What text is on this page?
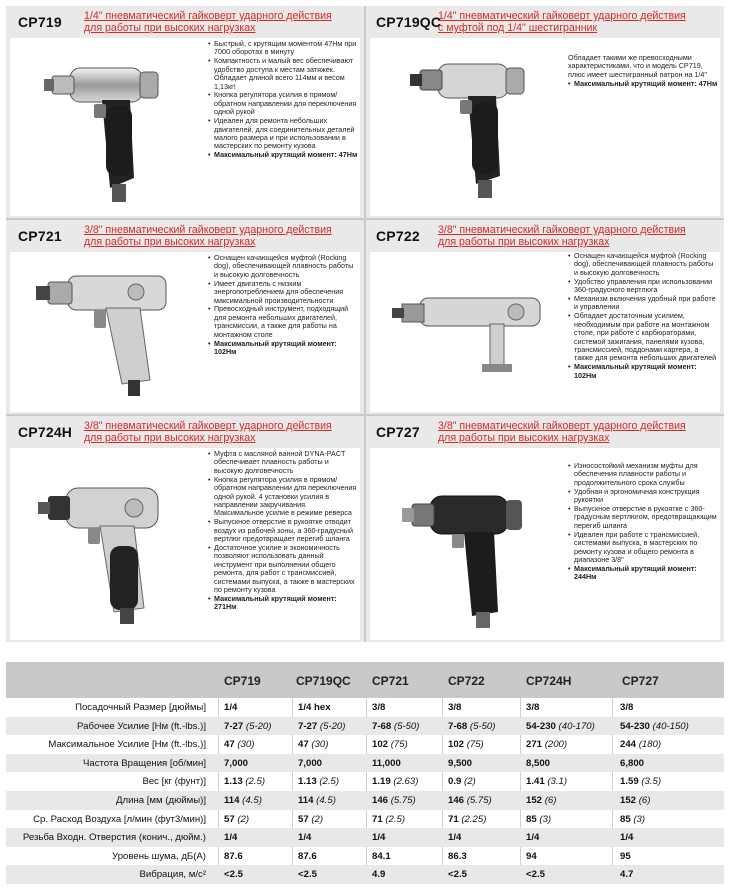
CP719	1/4" пневматический гайковерт ударного действия
для работы при высоких нагрузках
• Быстрый, с крутящим моментом 47Нм при 7000 оборотах в минуту
• Компактность и малый вес обеспечивают удобство доступа к местам затяжек. Обладает длиной всего 114мм и весом 1,13кг!
• Кнопка регулятора усилия в прямом/обратном направлении для переключения одной рукой
• Идеален для ремонта небольших двигателей, для соединительных деталей малого размера и при использовании в мастерских по ремонту кузова
• Максимальный крутящий момент: 47Нм
CP719QC
1/4" пневматический гайковерт ударного действия
с муфтой под 1/4" шестигранник

Обладает такими же превосходными характеристиками, что и модель CP719, плюс имеет шестигранный патрон на 1/4"

• Максимальный крутящий момент: 47Нм
CP721	3/8" пневматический гайковерт ударного действия
для работы при высоких нагрузках
• Оснащен качающейся муфтой (Rocking dog), обеспечивающей плавность работы и высокую долговечность
• Имеет двигатель с низким энергопотреблением для обеспечения максимальной производительности
• Превосходный инструмент, подходящий для ремонта небольших двигателей, трансмиссии, а также для работы на монтажном столе
• Максимальный крутящий момент: 102Нм
CP722	3/8" пневматический гайковерт ударного действия
для работы при высоких нагрузках
• Оснащен качающейся муфтой (Rocking dog), обеспечивающей плавность работы и высокую долговечность
• Удобство управления при использовании 360-градусного вертлюга
• Механизм включения удобный при работе и управлении
• Обладает достаточным усилием, необходимым при работе на монтажном столе, при работе с карбюраторами, системой зажигания, панелями кузова, трансмиссией, поддонами картера, а также для ремонта небольших двигателей
• Максимальный крутящий момент: 102Нм
CP724H	3/8" пневматический гайковерт ударного действия
для работы при высоких нагрузках
• Муфта с масляной ванной DYNA-PACT обеспечивает плавность работы и высокую долговечность
• Кнопка регулятора усилия в прямом/обратном направлении для переключения одной рукой. 4 установки усилия в направлении закручивания. Максимальное усилие в режиме реверса
• Выпускное отверстие в рукоятке отводит воздух из рабочей зоны, а 360-градусный вертлюг предотвращает перегиб шланга
• Достаточное усилие и экономичность позволяют использовать данный инструмент при выполнении общего ремонта, для работ с трансмиссией, системами выпуска, а также в мастерских по ремонту кузова
• Максимальный крутящий момент: 271Нм
CP727	3/8" пневматический гайковерт ударного действия
для работы при высоких нагрузках
• Износостойкий механизм муфты для обеспечения плавности работы и продолжительного срока службы
• Удобная и эргономичная конструкция рукоятки
• Выпускное отверстие в рукоятке с 360- градусным вертлюгом, предотвращающим перегиб шланга
• Идеален при работе с трансмиссией, системами выпуска, в мастерских по ремонту кузова и общего ремонта в диапазоне 3/8"
• Максимальный крутящий момент: 244Нм
CP719	CP719QC CP721	CP722	CP724H	CP727
Посадочный Размер [дюймы] 1/4	1/4 hex	3/8	3/8	3/8	3/8
Рабочее Усилие [Нм (ft.-lbs.)] 7-27 (5-20)	7-27 (5-20)	7-68 (5-50)	7-68 (5-50)	54-230 (40-170)	54-230 (40-150)
Максимальное Усилие [Нм (ft.-lbs.)] 47 (30)	47 (30)	102 (75)	102 (75)	271 (200)	244 (180)
Частота Вращения [об/мин] 7,000	7,000	11,000	9,500	8,500	6,800
Вес [кг (фунт)] 1.13 (2.5)	1.13 (2.5)	1.19 (2.63)	0.9 (2)	1.41 (3.1)	1.59 (3.5)
Длина [мм (дюймы)] 114 (4.5)	114 (4.5)	146 (5.75)	146 (5.75)	152 (6)	152 (6)
Ср. Расход Воздуха [л/мин (фут3/мин)] 57 (2)	57 (2)	71 (2.5)	71 (2.25)	85 (3)	85 (3)
Резьба Входн. Отверстия (конич., дюйм.) 1/4	1/4	1/4	1/4	1/4	1/4
Уровень шума, дБ(А) 87.6	87.6	84.1	86.3	94	95
Вибрация, м/с² <2.5	<2.5	4.9	<2.5	<2.5	4.7
